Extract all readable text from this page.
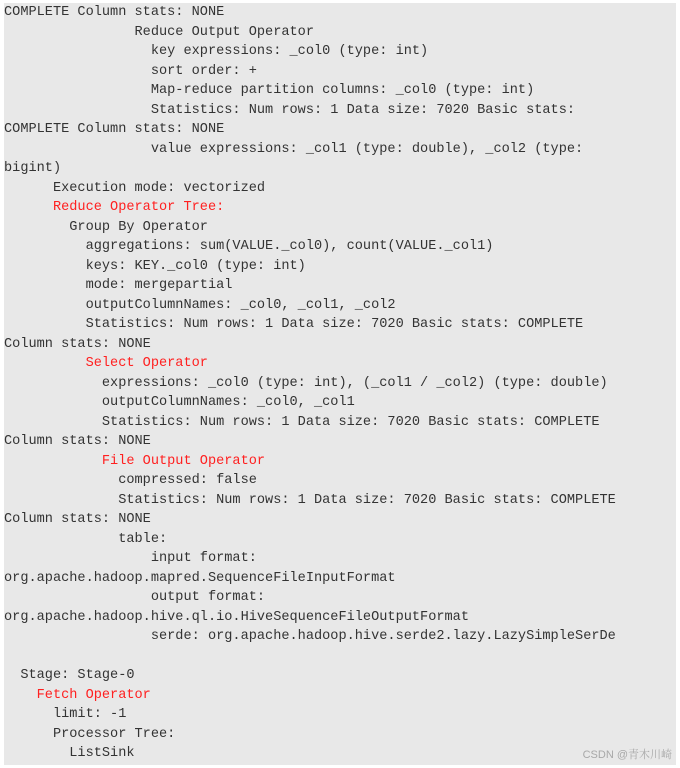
COMPLETE Column stats: NONE
Reduce Output Operator
key expressions: _col0 (type: int)
sort order: +
Map-reduce partition columns: _col0 (type: int)
Statistics: Num rows: 1 Data size: 7020 Basic stats:
COMPLETE Column stats: NONE
value expressions: _col1 (type: double), _col2 (type:
bigint)
Execution mode: vectorized
Reduce Operator Tree:
Group By Operator
aggregations: sum(VALUE._col0), count(VALUE._col1)
keys: KEY._col0 (type: int)
mode: mergepartial
outputColumnNames: _col0, _col1, _col2
Statistics: Num rows: 1 Data size: 7020 Basic stats: COMPLETE
Column stats: NONE
Select Operator
expressions: _col0 (type: int), (_col1 / _col2) (type: double)
outputColumnNames: _col0, _col1
Statistics: Num rows: 1 Data size: 7020 Basic stats: COMPLETE
Column stats: NONE
File Output Operator
compressed: false
Statistics: Num rows: 1 Data size: 7020 Basic stats: COMPLETE
Column stats: NONE
table:
input format:
org.apache.hadoop.mapred.SequenceFileInputFormat
output format:
org.apache.hadoop.hive.ql.io.HiveSequenceFileOutputFormat
serde: org.apache.hadoop.hive.serde2.lazy.LazySimpleSerDe
Stage: Stage-0
Fetch Operator
limit: -1
Processor Tree:
ListSink	CSDN @青木川崎
